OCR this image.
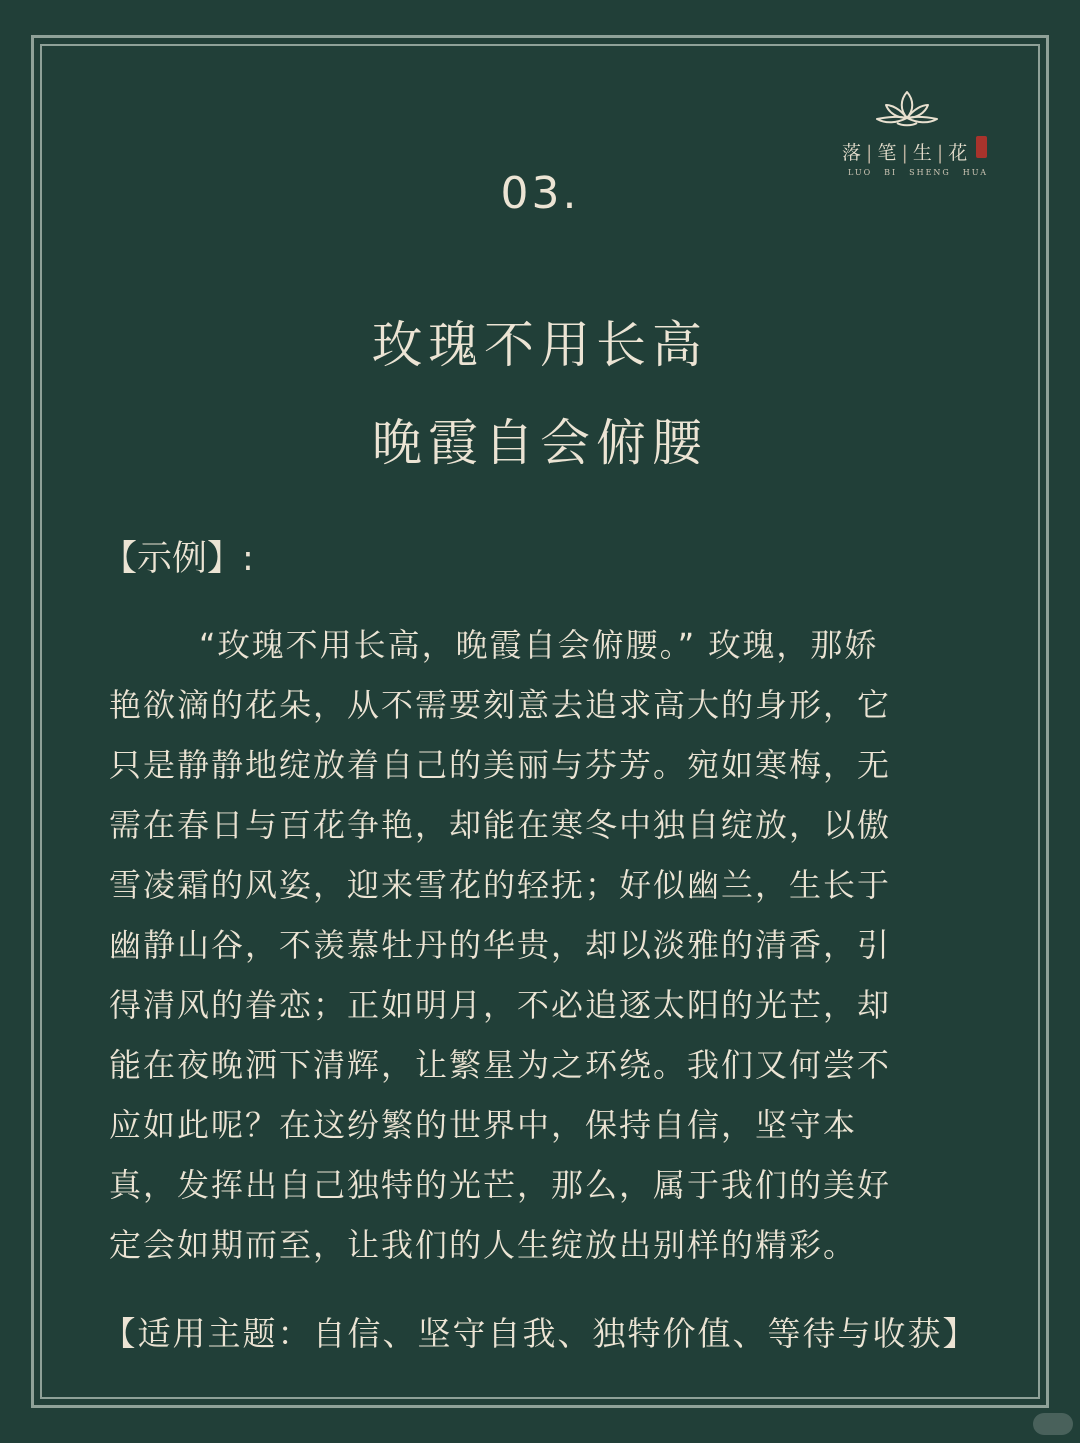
落 | 笔 | 生 | 花
LUO BI SHENG HUA
03.
玫瑰不用长高
晚霞自会俯腰
【示例】:
“玫瑰不用长高，晚霞自会俯腰。” 玫瑰，那娇
艳欲滴的花朵，从不需要刻意去追求高大的身形，它
只是静静地绽放着自己的美丽与芬芳。宛如寒梅，无
需在春日与百花争艳，却能在寒冬中独自绽放，以傲
雪凌霜的风姿，迎来雪花的轻抚；好似幽兰，生长于
幽静山谷，不羡慕牡丹的华贵，却以淡雅的清香，引
得清风的眷恋；正如明月，不必追逐太阳的光芒，却
能在夜晚洒下清辉，让繁星为之环绕。我们又何尝不
应如此呢？在这纷繁的世界中，保持自信，坚守本
真，发挥出自己独特的光芒，那么，属于我们的美好
定会如期而至，让我们的人生绽放出别样的精彩。
【适用主题：自信、坚守自我、独特价值、等待与收获】
